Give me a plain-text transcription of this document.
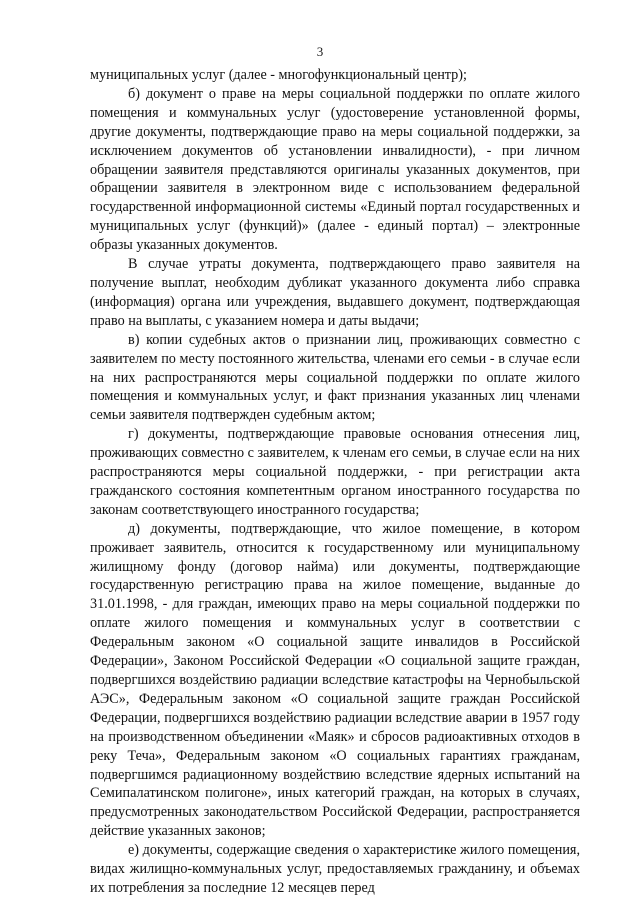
3

муниципальных услуг (далее - многофункциональный центр);

б) документ о праве на меры социальной поддержки по оплате жилого помещения и коммунальных услуг (удостоверение установленной формы, другие документы, подтверждающие право на меры социальной поддержки, за исключением документов об установлении инвалидности), - при личном обращении заявителя представляются оригиналы указанных документов, при обращении заявителя в электронном виде с использованием федеральной государственной информационной системы «Единый портал государственных и муниципальных услуг (функций)» (далее - единый портал) – электронные образы указанных документов.

В случае утраты документа, подтверждающего право заявителя на получение выплат, необходим дубликат указанного документа либо справка (информация) органа или учреждения, выдавшего документ, подтверждающая право на выплаты, с указанием номера и даты выдачи;

в) копии судебных актов о признании лиц, проживающих совместно с заявителем по месту постоянного жительства, членами его семьи - в случае если на них распространяются меры социальной поддержки по оплате жилого помещения и коммунальных услуг, и факт признания указанных лиц членами семьи заявителя подтвержден судебным актом;

г) документы, подтверждающие правовые основания отнесения лиц, проживающих совместно с заявителем, к членам его семьи, в случае если на них распространяются меры социальной поддержки, - при регистрации акта гражданского состояния компетентным органом иностранного государства по законам соответствующего иностранного государства;

д) документы, подтверждающие, что жилое помещение, в котором проживает заявитель, относится к государственному или муниципальному жилищному фонду (договор найма) или документы, подтверждающие государственную регистрацию права на жилое помещение, выданные до 31.01.1998, - для граждан, имеющих право на меры социальной поддержки по оплате жилого помещения и коммунальных услуг в соответствии с Федеральным законом «О социальной защите инвалидов в Российской Федерации», Законом Российской Федерации «О социальной защите граждан, подвергшихся воздействию радиации вследствие катастрофы на Чернобыльской АЭС», Федеральным законом «О социальной защите граждан Российской Федерации, подвергшихся воздействию радиации вследствие аварии в 1957 году на производственном объединении «Маяк» и сбросов радиоактивных отходов в реку Теча», Федеральным законом «О социальных гарантиях гражданам, подвергшимся радиационному воздействию вследствие ядерных испытаний на Семипалатинском полигоне», иных категорий граждан, на которых в случаях, предусмотренных законодательством Российской Федерации, распространяется действие указанных законов;

е) документы, содержащие сведения о характеристике жилого помещения, видах жилищно-коммунальных услуг, предоставляемых гражданину, и объемах их потребления за последние 12 месяцев перед
